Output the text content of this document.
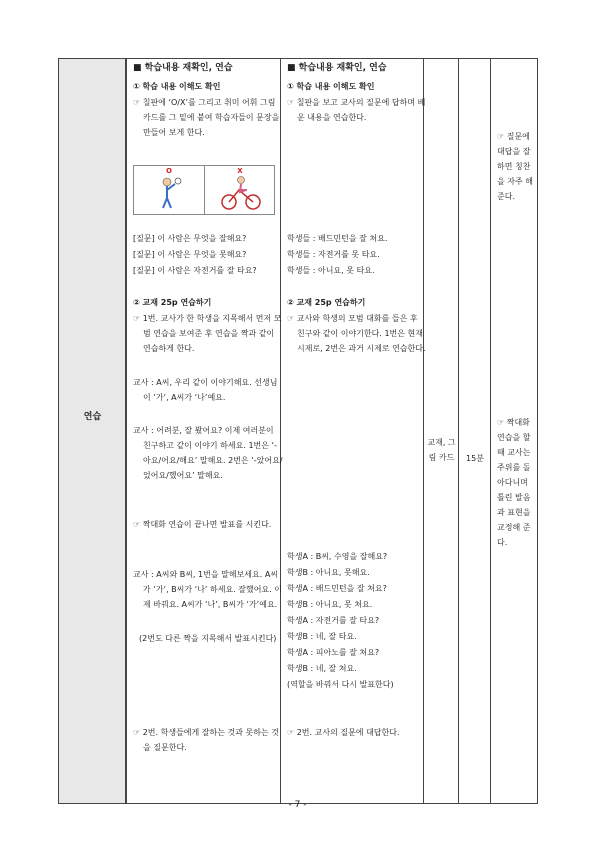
연습

■ 학습내용 재확인, 연습

① 학습 내용 이해도 확인

☞ 칠판에 ‘O/X’를 그리고 취미 어휘 그림 카드를 그 밑에 붙여 학습자들이 문장을 만들어 보게 한다.

O	X

[질문] 이 사람은 무엇을 잘해요?

[질문] 이 사람은 무엇을 못해요?

[질문] 이 사람은 자전거를 잘 타요?

② 교재 25p 연습하기

☞ 1번. 교사가 한 학생을 지목해서 먼저 모범 연습을 보여준 후 연습을 짝과 같이 연습하게 한다.

교사 : A씨, 우리 같이 이야기해요. 선생님이 ‘가’, A씨가 ‘나’예요.

교사 : 어려분, 잘 봤어요? 이제 여러분이 친구하고 같이 이야기 하세요. 1번은 ‘-아요/어요/해요’ 말해요. 2번은 ‘-았어요/었어요/했어요’ 말해요.

☞ 짝대화 연습이 끝나면 발표를 시킨다.

교사 : A씨와 B씨, 1번을 말해보세요. A씨가 ‘가’, B씨가 ‘나’ 하세요. 잘했어요. 이제 바꿔요. A씨가 ‘나’, B씨가 ‘가’예요.

(2번도 다른 짝을 지목해서 발표시킨다)

☞ 2번. 학생들에게 잘하는 것과 못하는 것을 질문한다.

■ 학습내용 재확인, 연습

① 학습 내용 이해도 확인

☞ 칠판을 보고 교사의 질문에 답하며 배운 내용을 연습한다.

학생들 : 배드민턴을 잘 쳐요.

학생들 : 자전거를 못 타요.

학생들 : 아니요, 못 타요.

② 교재 25p 연습하기

☞ 교사와 학생의 모범 대화를 들은 후 친구와 같이 이야기한다. 1번은 현재 시제로, 2번은 과거 시제로 연습한다.

학생A : B씨, 수영을 잘해요?

학생B : 아니요, 못해요.

학생A : 배드민턴을 잘 쳐요?

학생B : 아니요, 못 쳐요.

학생A : 자전거를 잘 타요?

학생B : 네, 잘 타요.

학생A : 피아노를 잘 쳐요?

학생B : 네, 잘 쳐요.

(역할을 바꿔서 다시 발표한다)

☞ 2번. 교사의 질문에 대답한다.

교재, 그림 카드	15분

☞ 질문에 대답을 잘하면 칭찬을 자주 해준다.

☞ 짝대화 연습을 할 때 교사는 주위를 돌아다니며 틀린 발음과 표현을 교정해 준다.

- 7 -
